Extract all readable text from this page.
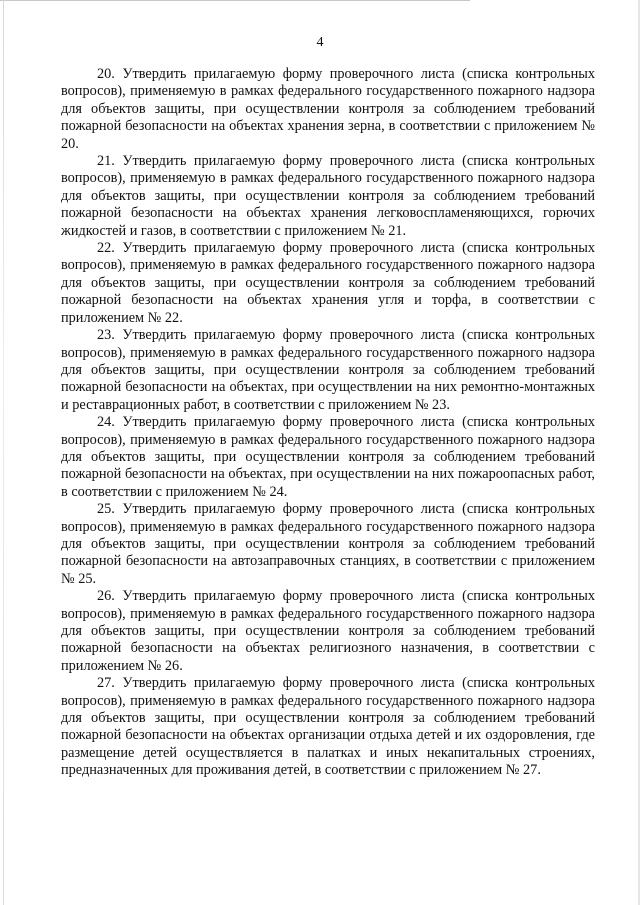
4

20. Утвердить прилагаемую форму проверочного листа (списка контрольных вопросов), применяемую в рамках федерального государственного пожарного надзора для объектов защиты, при осуществлении контроля за соблюдением требований пожарной безопасности на объектах хранения зерна, в соответствии с приложением № 20.

21. Утвердить прилагаемую форму проверочного листа (списка контрольных вопросов), применяемую в рамках федерального государственного пожарного надзора для объектов защиты, при осуществлении контроля за соблюдением требований пожарной безопасности на объектах хранения легковоспламеняющихся, горючих жидкостей и газов, в соответствии с приложением № 21.

22. Утвердить прилагаемую форму проверочного листа (списка контрольных вопросов), применяемую в рамках федерального государственного пожарного надзора для объектов защиты, при осуществлении контроля за соблюдением требований пожарной безопасности на объектах хранения угля и торфа, в соответствии с приложением № 22.

23. Утвердить прилагаемую форму проверочного листа (списка контрольных вопросов), применяемую в рамках федерального государственного пожарного надзора для объектов защиты, при осуществлении контроля за соблюдением требований пожарной безопасности на объектах, при осуществлении на них ремонтно-монтажных и реставрационных работ, в соответствии с приложением № 23.

24. Утвердить прилагаемую форму проверочного листа (списка контрольных вопросов), применяемую в рамках федерального государственного пожарного надзора для объектов защиты, при осуществлении контроля за соблюдением требований пожарной безопасности на объектах, при осуществлении на них пожароопасных работ, в соответствии с приложением № 24.

25. Утвердить прилагаемую форму проверочного листа (списка контрольных вопросов), применяемую в рамках федерального государственного пожарного надзора для объектов защиты, при осуществлении контроля за соблюдением требований пожарной безопасности на автозаправочных станциях, в соответствии с приложением № 25.

26. Утвердить прилагаемую форму проверочного листа (списка контрольных вопросов), применяемую в рамках федерального государственного пожарного надзора для объектов защиты, при осуществлении контроля за соблюдением требований пожарной безопасности на объектах религиозного назначения, в соответствии с приложением № 26.

27. Утвердить прилагаемую форму проверочного листа (списка контрольных вопросов), применяемую в рамках федерального государственного пожарного надзора для объектов защиты, при осуществлении контроля за соблюдением требований пожарной безопасности на объектах организации отдыха детей и их оздоровления, где размещение детей осуществляется в палатках и иных некапитальных строениях, предназначенных для проживания детей, в соответствии с приложением № 27.
